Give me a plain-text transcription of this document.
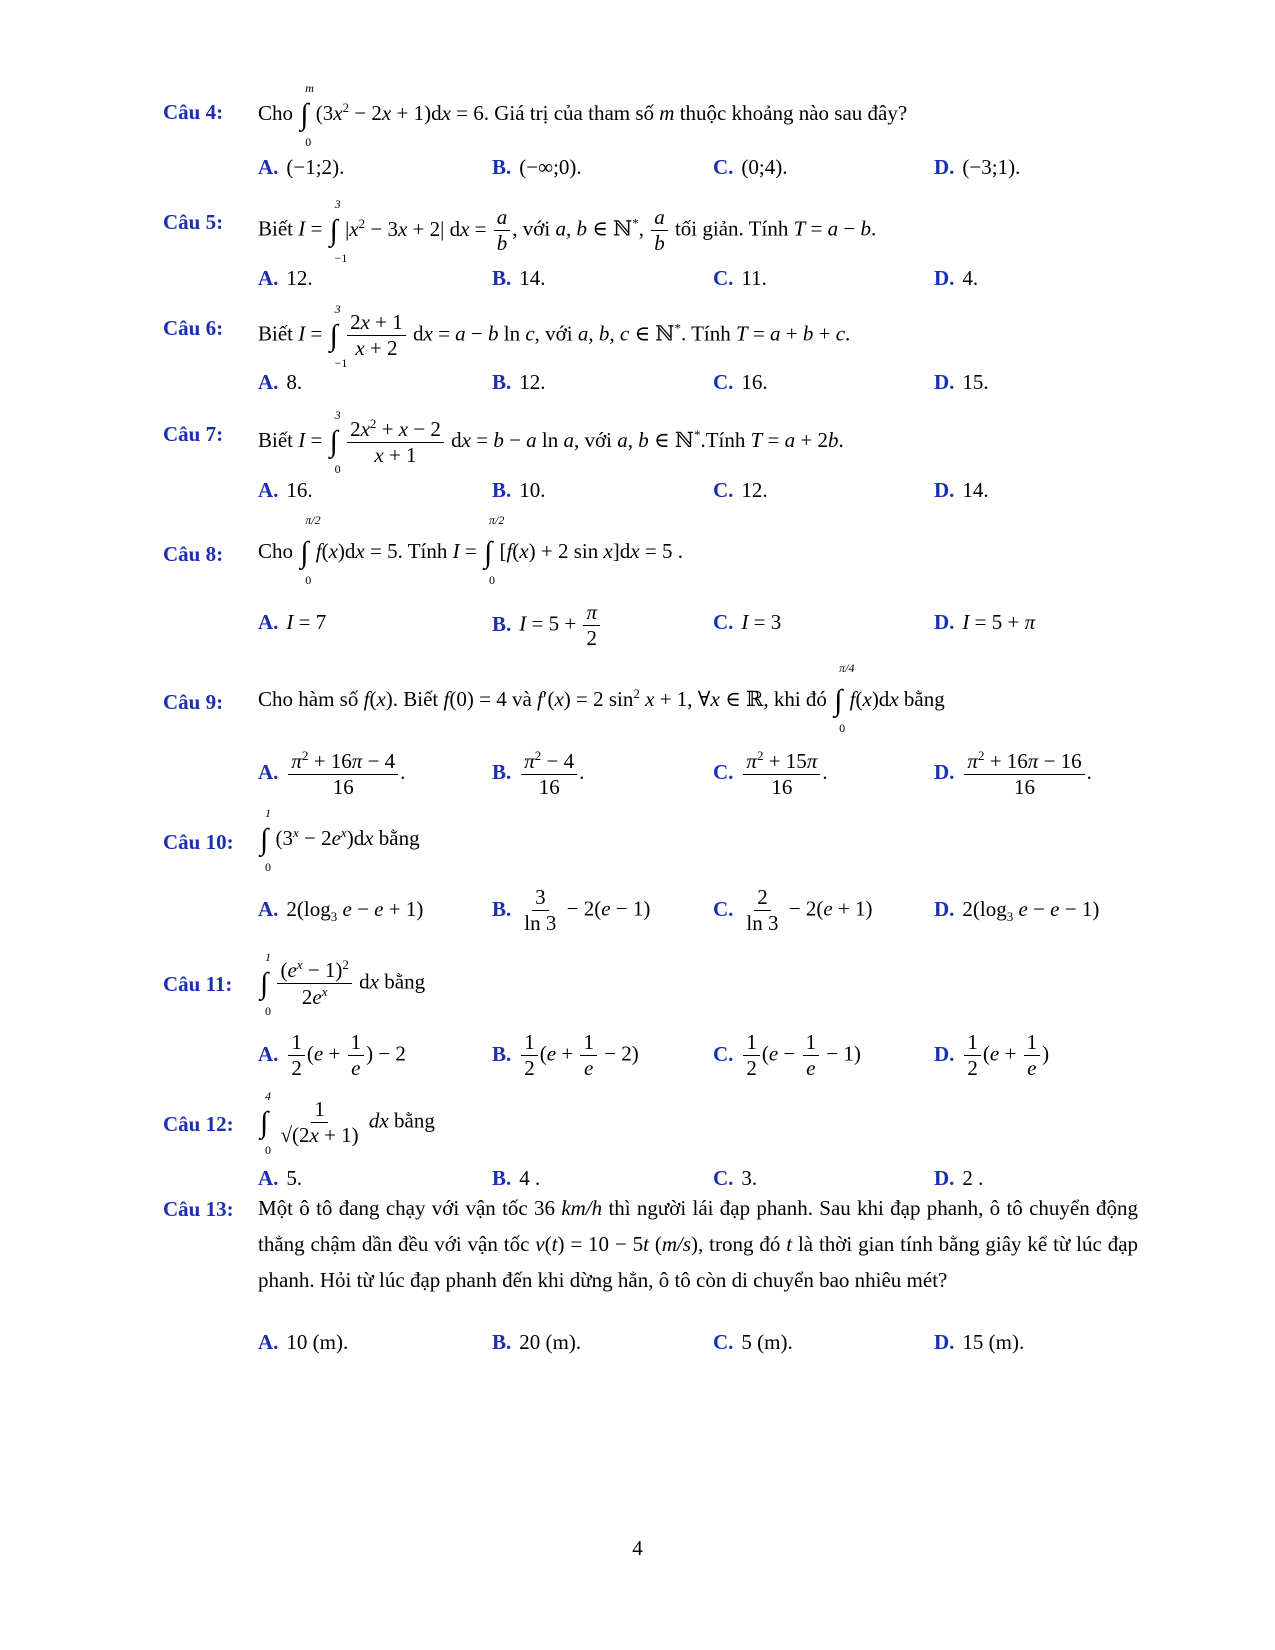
Câu 4: Cho ∫
m
0
$(3x^2 - 2x + 1)dx = 6$. Giá trị của tham số m thuộc khoảng nào sau đây?
A. (−1;2).	B. (−∞;0).	C. (0;4).	D. (−3;1).
Câu 5: Biết I = ∫
3
−1
$|x^2 - 3x + 2|$ dx = $\frac{a}{b}$ , với a, b ∈ ℕ*, $\frac{a}{b}$ tối giản. Tính T = a − b.
A. 12.	B. 14.	C. 11.	D. 4.
Câu 6: Biết I = ∫
3
−1

$\frac{2x + 1}{x + 2}$ dx = a − b ln c, với a, b, c ∈ ℕ*. Tính T = a + b + c.
A. 8.	B. 12.	C. 16.	D. 15.
Câu 7: Biết I = ∫
3
0

$\frac{2x^2 + x - 2}{x + 1}$ dx = b − a ln a, với a, b ∈ ℕ*.Tính T = a + 2b.
A. 16.	B. 10.	C. 12.	D. 14.
Câu 8: Cho ∫
π/2
0
f(x)dx = 5. Tính I = ∫
π/2
0
[f(x) + 2 sin x]dx = 5 .
A. I = 7	B. $I = 5 + \frac{\pi}{2}$	C. I = 3	D. I = 5 + π
Câu 9: Cho hàm số f(x). Biết f(0) = 4 và f′(x) = 2 $\sin^2 x + 1$, ∀x ∈ ℝ, khi đó ∫
π/4
0
f(x)dx bằng
A. $\frac{\pi^2 + 16\pi - 4}{16}$ .	B. $\frac{\pi^2 - 4}{16}$ .	C. $\frac{\pi^2 + 15\pi}{16}$ .	D. $\frac{\pi^2 + 16\pi - 16}{16}$ .
Câu 10: ∫
1
0
$(3^x - 2e^x)dx$ bằng
A. $2(\log_3$ e − e + 1)	B. $\frac{3}{\ln 3} - 2(e - 1)$	C. $\frac{2}{\ln 3} - 2(e + 1)$	D. $2(\log_3$ e − e − 1)
Câu 11: ∫
1
0

$\frac{(e^x - 1)^2}{2e^x}$ dx bằng
A. $\frac{1}{2} (e + \frac{1}{e}$ ) − 2	B. $\frac{1}{2} (e + \frac{1}{e} - 2)$	C. $\frac{1}{2} (e - \frac{1}{e} - 1)$	D. $\frac{1}{2} (e + \frac{1}{e}$ )
Câu 12: ∫
4
0

$\frac{1}{√(2x + 1)}$ dx bằng
A. 5.	B. 4 .	C. 3.	D. 2 .
Câu 13: Một ô tô đang chạy với vận tốc 36 km/h thì người lái đạp phanh. Sau khi đạp phanh, ô tô chuyển động thẳng chậm dần đều với vận tốc v(t) = 10 − 5t (m/s), trong đó t là thời gian tính bằng giây kể từ lúc đạp phanh. Hỏi từ lúc đạp phanh đến khi dừng hẳn, ô tô còn di chuyển bao nhiêu mét?
A. 10 (m).	B. 20 (m).	C. 5 (m).	D. 15 (m).
4
